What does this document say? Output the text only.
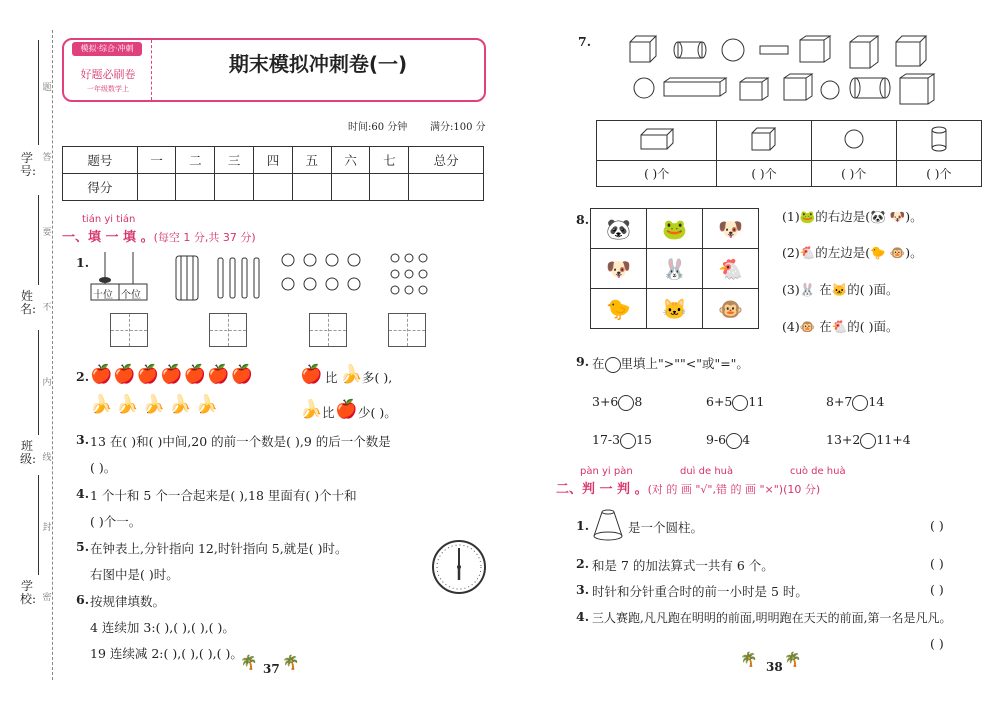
学号:
姓名:
班级:
学校:
题
答
要
不
内
线
封
密
模拟·综合·冲刺
好题必刷卷
一年级数学上
期末模拟冲刺卷(一)
时间:60 分钟 满分:100 分
题号	一	二	三	四	五	六	七	总分
得分								
tián yi tián
一、填 一 填 。(每空 1 分,共 37 分)
1.
十位 个位
2. 🍎🍎🍎🍎🍎🍎🍎
🍌🍌🍌🍌🍌
🍎 比 🍌 多( ),
🍌 比 🍎 少( )。
3. 13 在( )和( )中间,20 的前一个数是( ),9 的后一个数是
( )。
4. 1 个十和 5 个一合起来是( ),18 里面有( )个十和
( )个一。
5. 在钟表上,分针指向 12,时针指向 5,就是( )时。
右图中是( )时。
6. 按规律填数。
4 连续加 3:( ),( ),( ),( )。
19 连续减 2:( ),( ),( ),( )。
37
🌴 🌴
7.

( )个	( )个	( )个	( )个
8. 🐼	🐸	🐶
🐶	🐰	🐔
🐤	🐱	🐵
(1)🐸的右边是(🐼 🐶)。
(2)🐔的左边是(🐤 🐵)。
(3)🐰 在🐱的( )面。
(4)🐵 在🐔的( )面。
9. 在 里填上">""<"或"="。
3+6 8	6+5 11	8+7 14
17-3 15	9-6 4	13+2 11+4
pàn yi pàn	duì de huà	cuò de huà
二、判 一 判 。(对 的 画 "√",错 的 画 "×")(10 分)
1.	是一个圆柱。	( )
2. 和是 7 的加法算式一共有 6 个。	( )
3. 时针和分针重合时的前一小时是 5 时。	( )
4. 三人赛跑,凡凡跑在明明的前面,明明跑在天天的前面,第一名是凡凡。
( )
38
🌴 🌴
